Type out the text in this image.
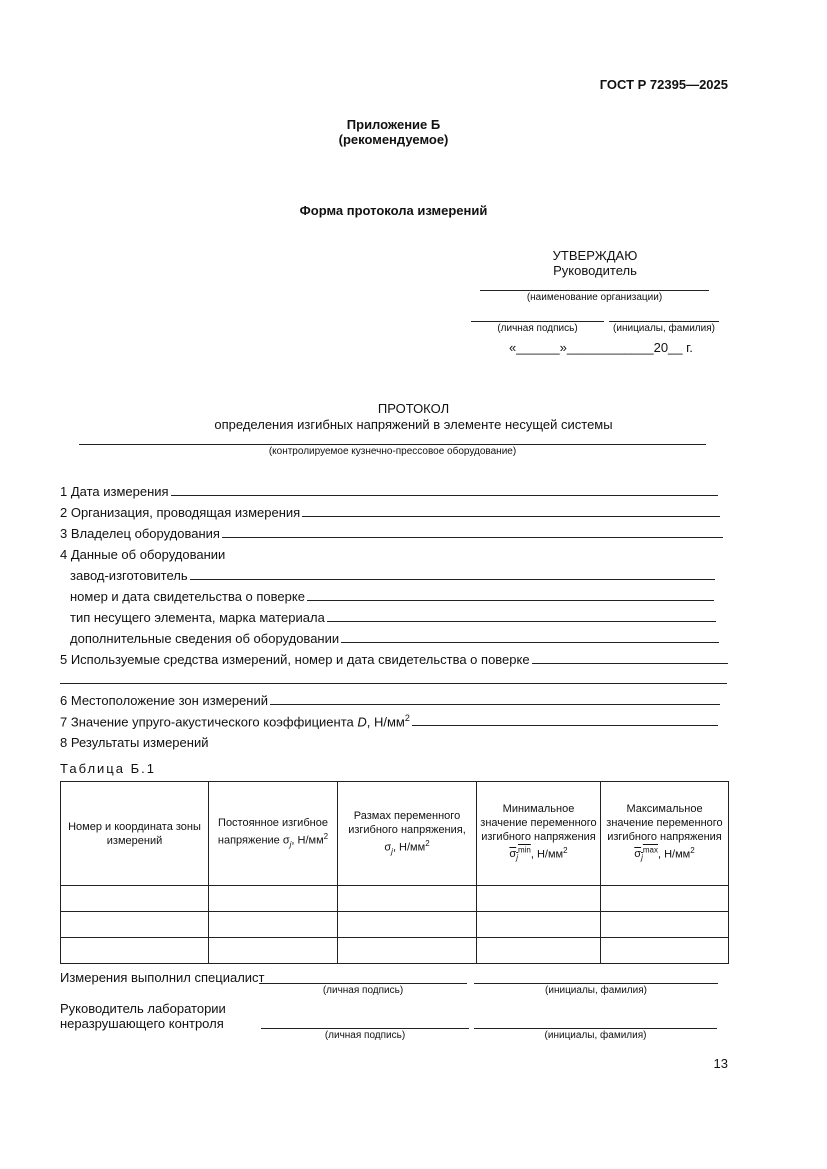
ГОСТ Р 72395—2025
Приложение Б
(рекомендуемое)
Форма протокола измерений
УТВЕРЖДАЮ
Руководитель
(наименование организации)
(личная подпись)	(инициалы, фамилия)
«______»____________20__ г.
ПРОТОКОЛ
определения изгибных напряжений в элементе несущей системы
(контролируемое кузнечно-прессовое оборудование)
1 Дата измерения
2 Организация, проводящая измерения
3 Владелец оборудования
4 Данные об оборудовании
завод-изготовитель
номер и дата свидетельства о поверке
тип несущего элемента, марка материала
дополнительные сведения об оборудовании
5 Используемые средства измерений, номер и дата свидетельства о поверке
6 Местоположение зон измерений
7 Значение упруго-акустического коэффициента D, $Н/мм^2$
8 Результаты измерений
Таблица Б.1
Номер и координата зоны измерений	Постоянное изгибное напряжение $\sigma_j$, $Н/мм^2$	Размах переменного изгибного напряжения, $\sigma_j$, $Н/мм^2$	Минимальное значение переменного изгибного напряжения $\sigma_j^{min}$, $Н/мм^2$	Максимальное значение переменного изгибного напряжения $\sigma_j^{max}$, $Н/мм^2$

Измерения выполнил специалист
(личная подпись)	(инициалы, фамилия)
Руководитель лаборатории
неразрушающего контроля
(личная подпись)	(инициалы, фамилия)
13
